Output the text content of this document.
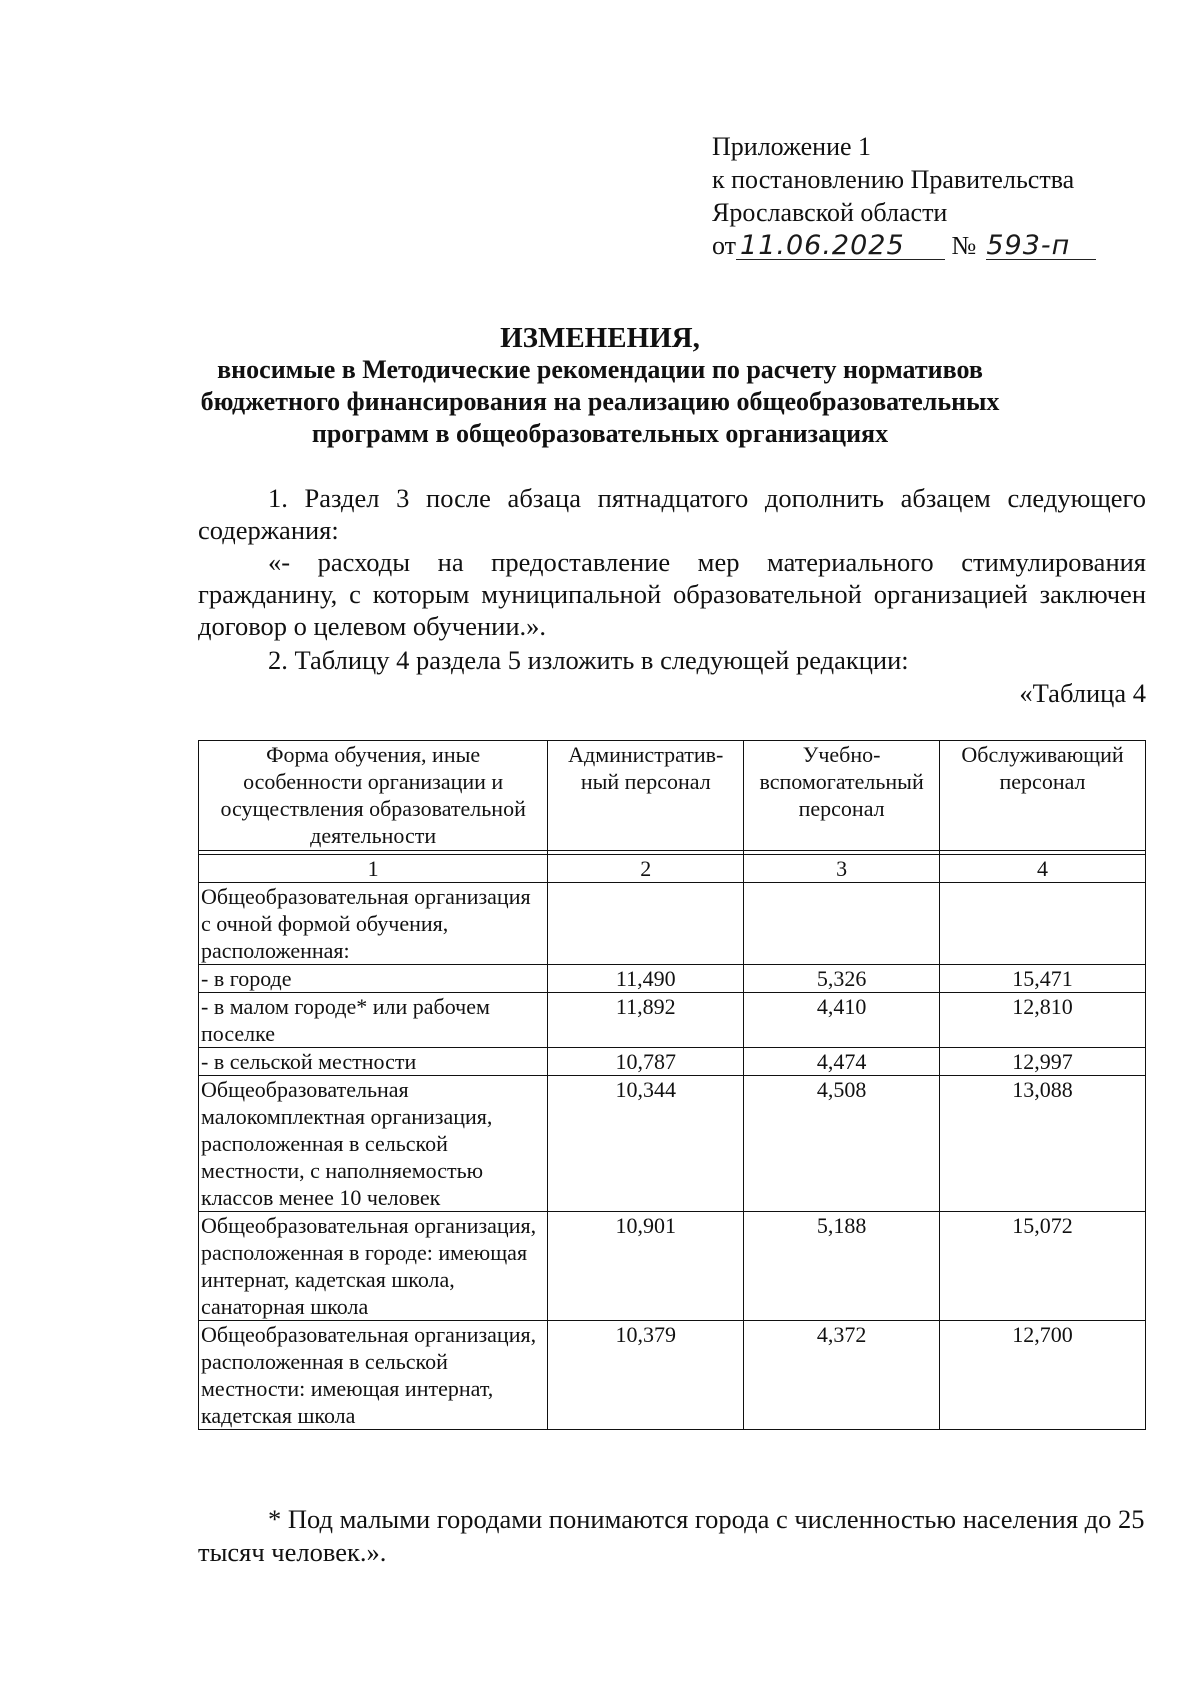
Приложение 1
к постановлению Правительства
Ярославской области
от 11.06.2025 № 593-п
ИЗМЕНЕНИЯ,
вносимые в Методические рекомендации по расчету нормативов
бюджетного финансирования на реализацию общеобразовательных
программ в общеобразовательных организациях
1. Раздел 3 после абзаца пятнадцатого дополнить абзацем следующего содержания:
«- расходы на предоставление мер материального стимулирования гражданину, с которым муниципальной образовательной организацией заключен договор о целевом обучении.».
2. Таблицу 4 раздела 5 изложить в следующей редакции:
«Таблица 4
Форма обучения, иные особенности организации и осуществления образовательной деятельности	Административ- ный персонал	Учебно- вспомогательный персонал	Обслуживающий персонал

1	2	3	4
Общеобразовательная организация с очной формой обучения, расположенная:			
- в городе	11,490	5,326	15,471
- в малом городе* или рабочем поселке	11,892	4,410	12,810
- в сельской местности	10,787	4,474	12,997
Общеобразовательная малокомплектная организация, расположенная в сельской местности, с наполняемостью классов менее 10 человек	10,344	4,508	13,088
Общеобразовательная организация, расположенная в городе: имеющая интернат, кадетская школа, санаторная школа	10,901	5,188	15,072
Общеобразовательная организация, расположенная в сельской местности: имеющая интернат, кадетская школа	10,379	4,372	12,700
* Под малыми городами понимаются города с численностью населения до 25 тысяч человек.».
